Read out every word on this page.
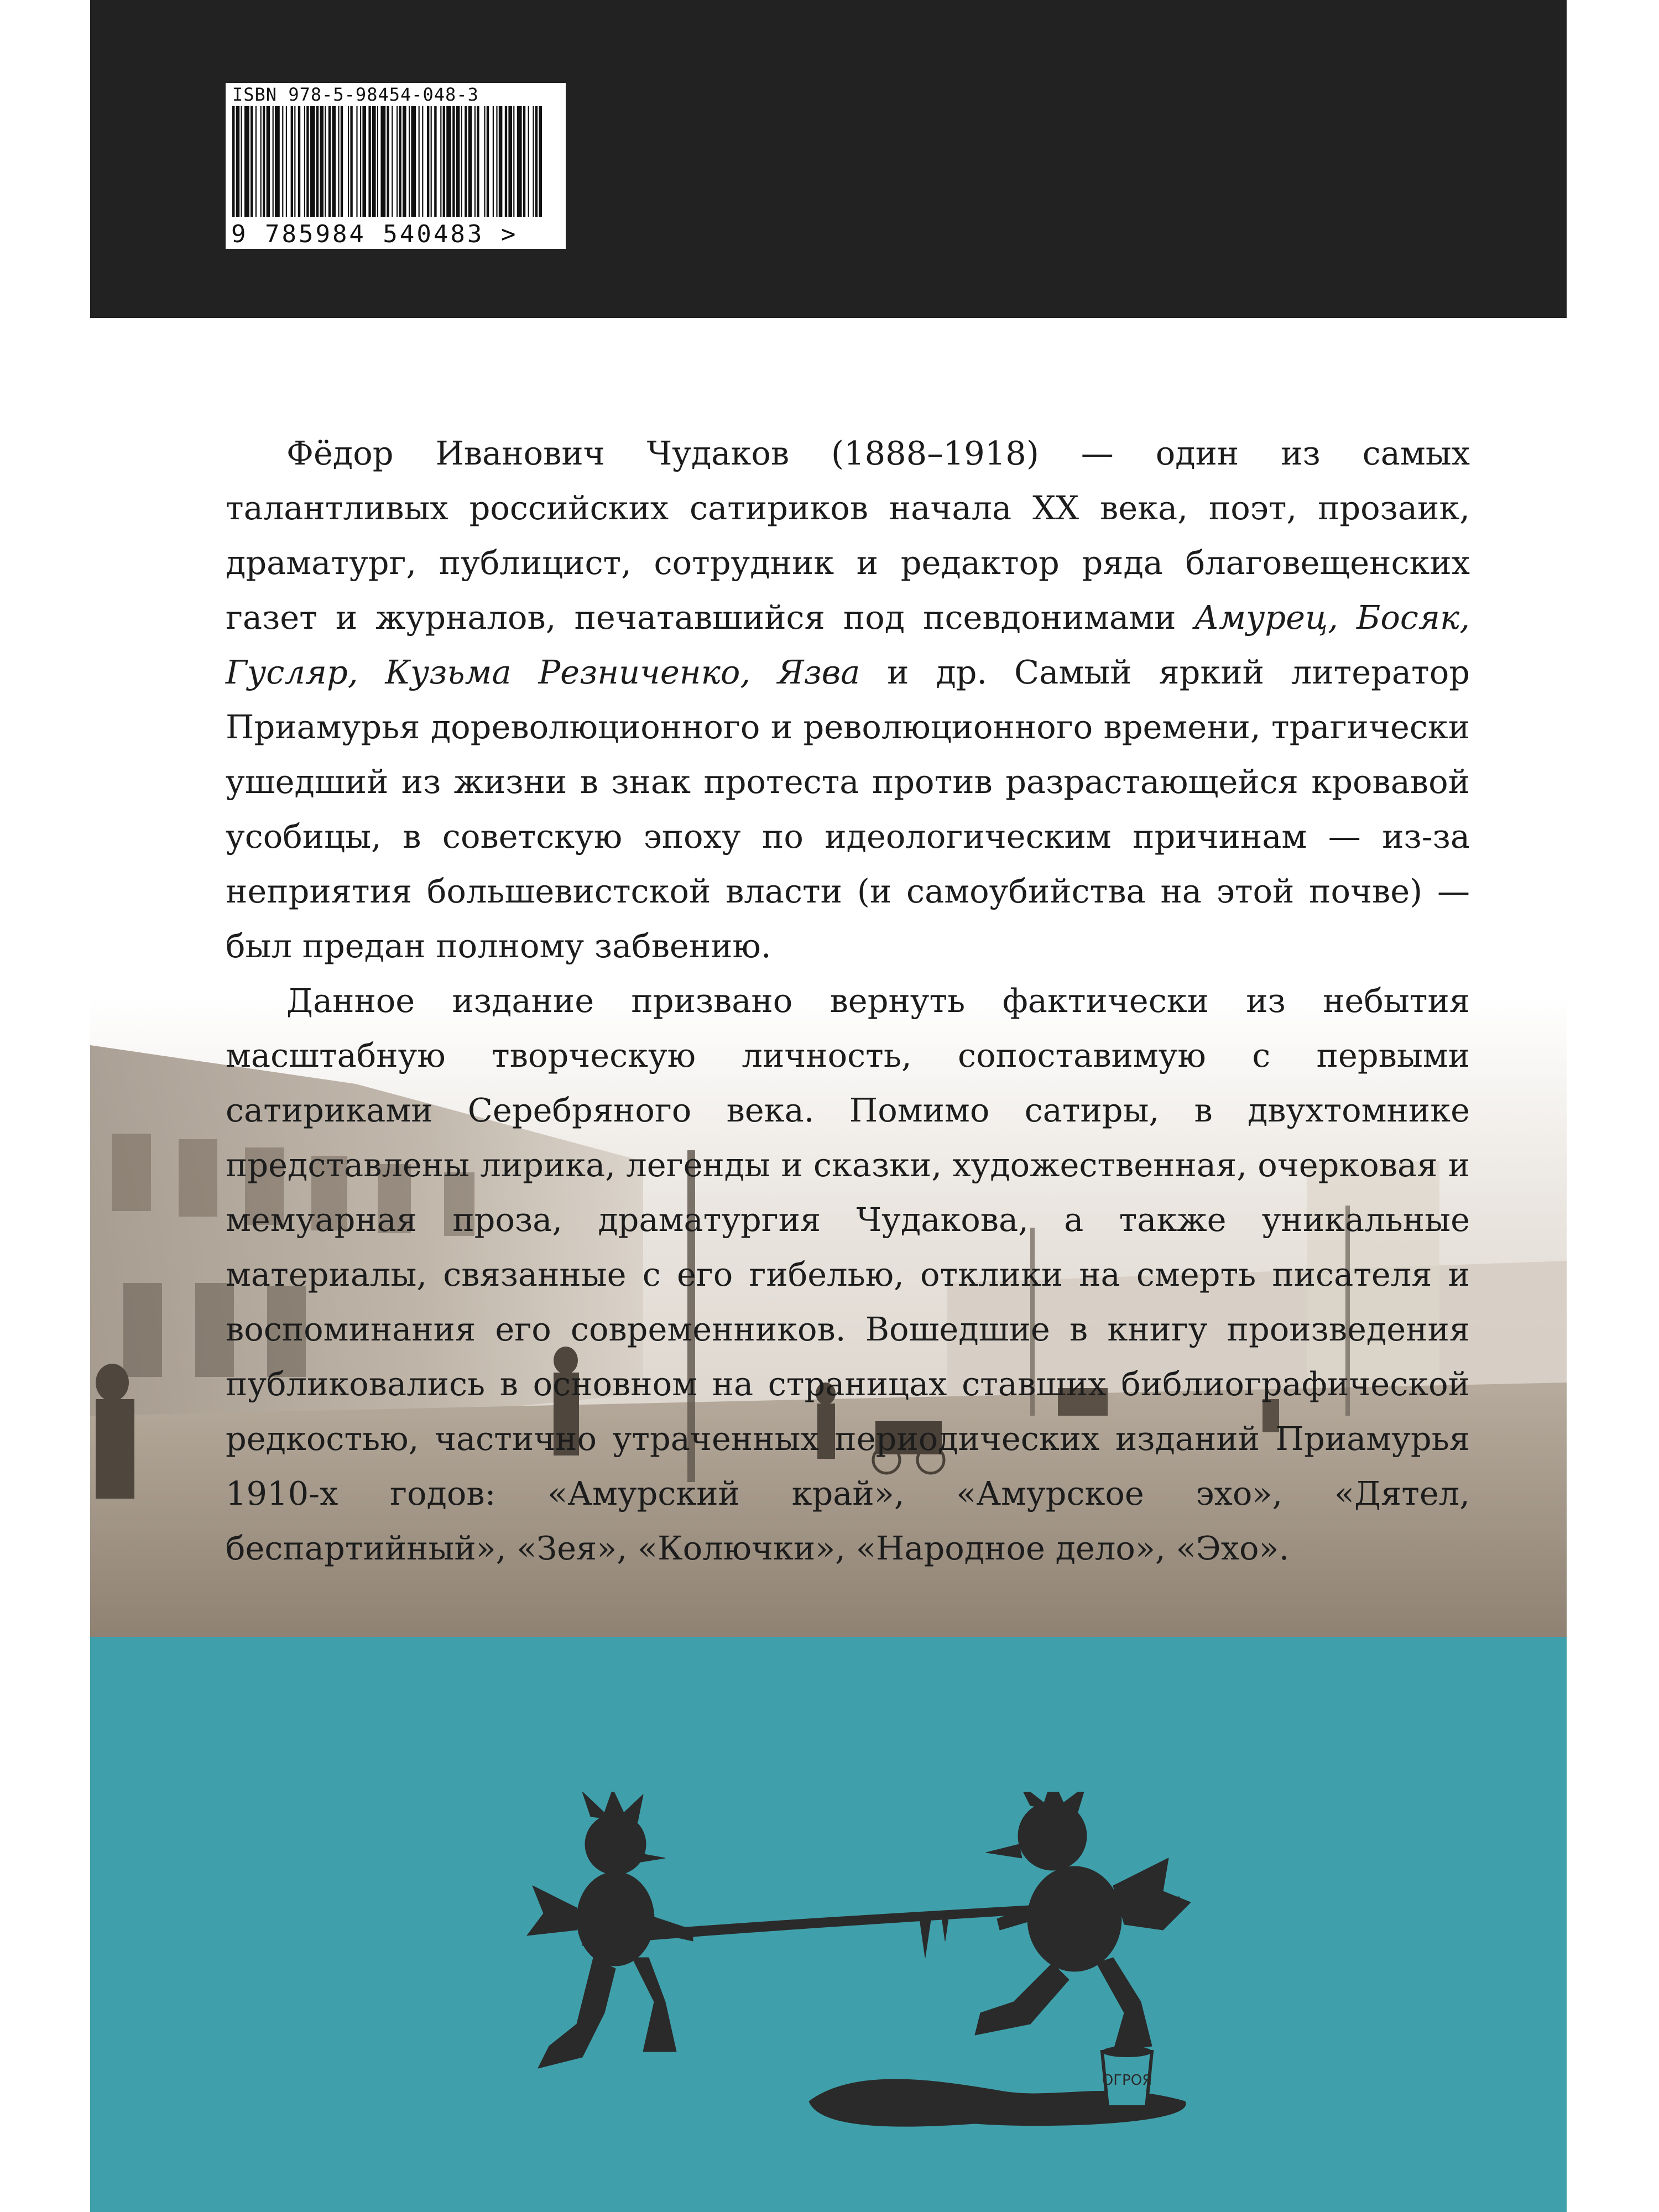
ISBN 978-5-98454-048-3
9 785984 540483 >

Фёдор Иванович Чудаков (1888–1918) — один из самых талантливых российских сатириков начала ХХ века, поэт, прозаик, драматург, публицист, сотрудник и редактор ряда благовещенских газет и журналов, печатавшийся под псевдонимами Амурец, Босяк, Гусляр, Кузьма Резниченко, Язва и др. Самый яркий литератор Приамурья дореволюционного и революционного времени, трагически ушедший из жизни в знак протеста против разрастающейся кровавой усобицы, в советскую эпоху по идеологическим причинам — из-за неприятия большевистской власти (и самоубийства на этой почве) — был предан полному забвению.

Данное издание призвано вернуть фактически из небытия масштабную творческую личность, сопоставимую с первыми сатириками Серебряного века. Помимо сатиры, в двухтомнике представлены лирика, легенды и сказки, художественная, очерковая и мемуарная проза, драматургия Чудакова, а также уникальные материалы, связанные с его гибелью, отклики на смерть писателя и воспоминания его современников. Вошедшие в книгу произведения публиковались в основном на страницах ставших библиографической редкостью, частично утраченных периодических изданий Приамурья 1910-х годов: «Амурский край», «Амурское эхо», «Дятел, беспартийный», «Зея», «Колючки», «Народное дело», «Эхо».

ОГРОЯ
